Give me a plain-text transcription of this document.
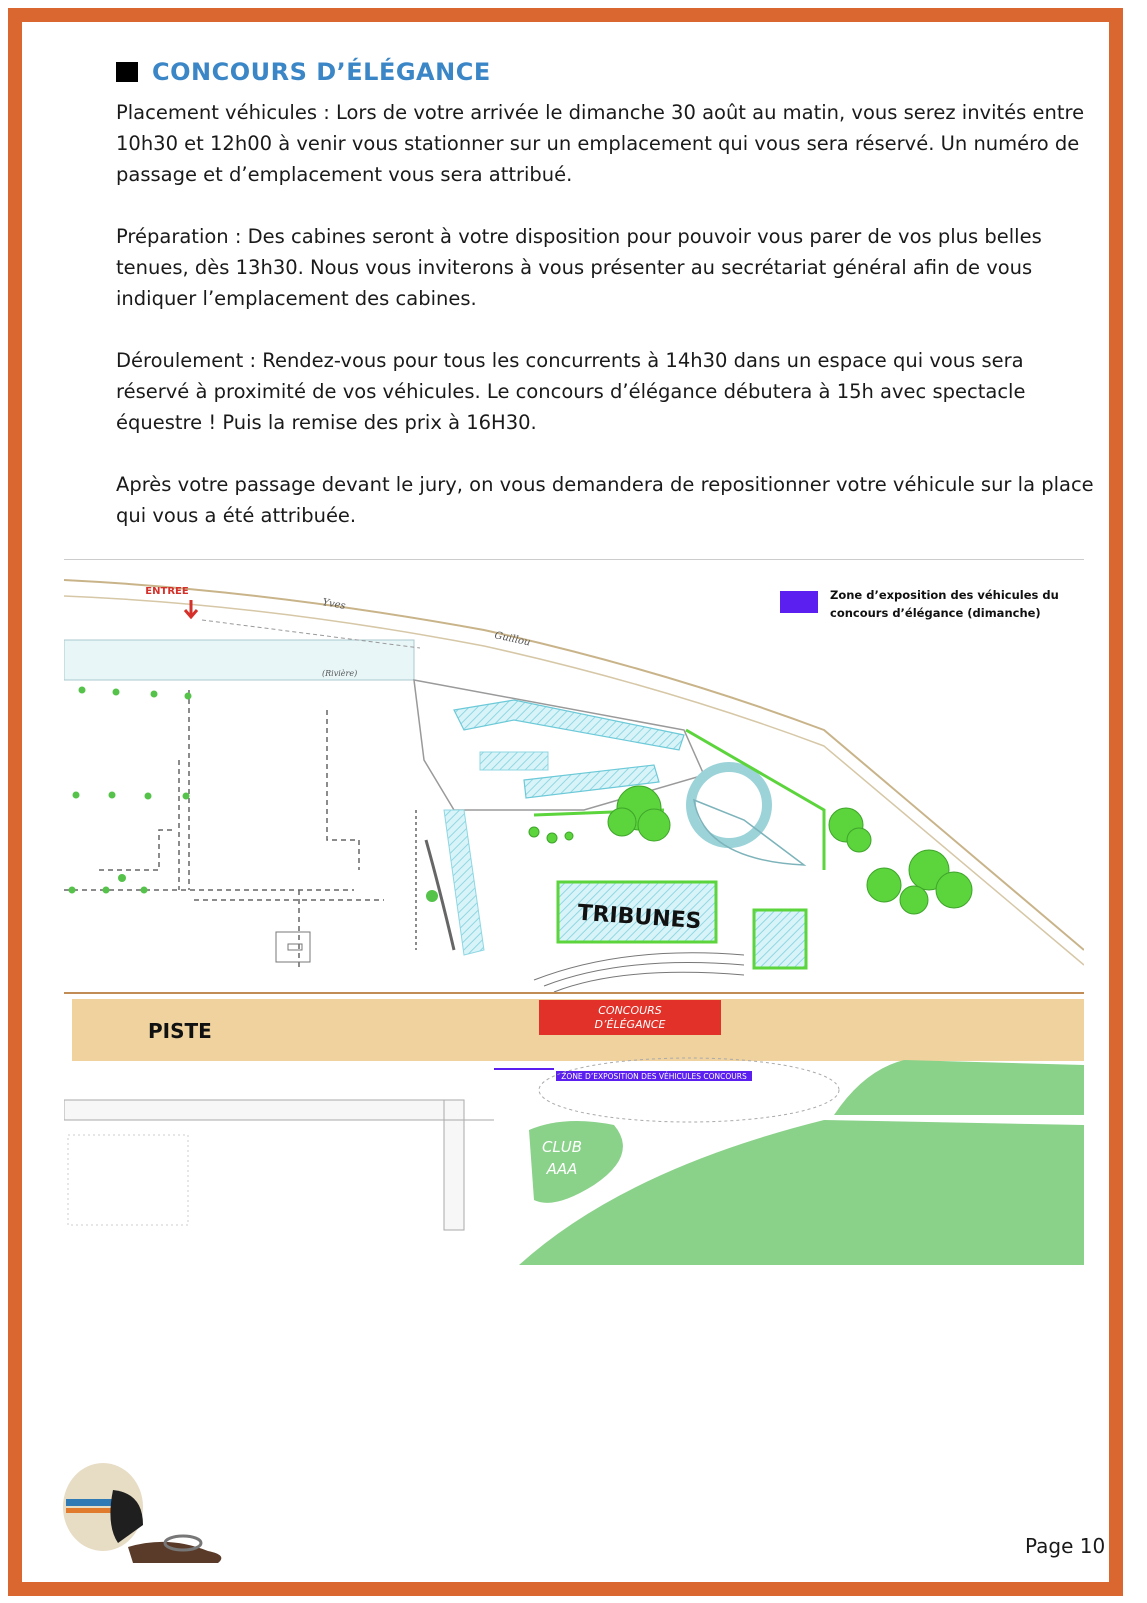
CONCOURS D’ÉLÉGANCE

Placement véhicules : Lors de votre arrivée le dimanche 30 août au matin, vous serez invités entre 10h30 et 12h00 à venir vous stationner sur un emplacement qui vous sera réservé. Un numéro de passage et d’emplacement vous sera attribué.

Préparation : Des cabines seront à votre disposition pour pouvoir vous parer de vos plus belles tenues, dès 13h30. Nous vous inviterons à vous présenter au secrétariat général afin de vous indiquer l’emplacement des cabines.

Déroulement : Rendez-vous pour tous les concurrents à 14h30 dans un espace qui vous sera réservé à proximité de vos véhicules. Le concours d’élégance débutera à 15h avec spectacle équestre ! Puis la remise des prix à 16H30.

Après votre passage devant le jury, on vous demandera de repositionner votre véhicule sur la place qui vous a été attribuée.

TRIBUNES
PISTE
CONCOURS
D’ÉLÉGANCE
ZONE D’EXPOSITION DES VÉHICULES CONCOURS
CLUB
AAA
ENTREE
Yves
Guillou
(Rivière)
Zone d’exposition des véhicules du
concours d’élégance (dimanche)
Page 10
